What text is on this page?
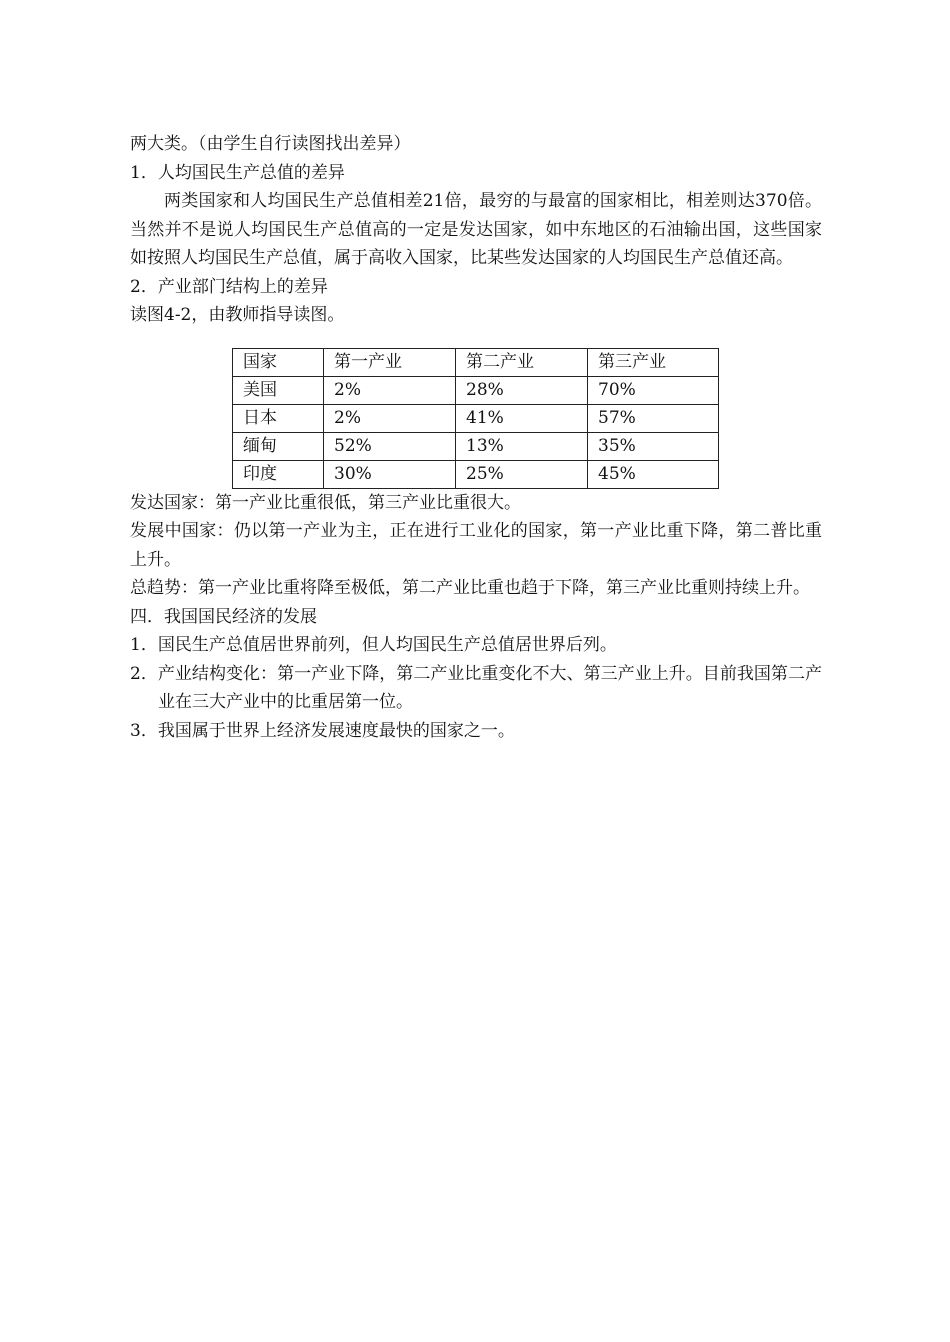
两大类。（由学生自行读图找出差异）

1．人均国民生产总值的差异

两类国家和人均国民生产总值相差21倍，最穷的与最富的国家相比，相差则达370倍。当然并不是说人均国民生产总值高的一定是发达国家，如中东地区的石油输出国，这些国家如按照人均国民生产总值，属于高收入国家，比某些发达国家的人均国民生产总值还高。

2．产业部门结构上的差异

读图4-2，由教师指导读图。

国家	第一产业	第二产业	第三产业
美国	2%	28%	70%
日本	2%	41%	57%
缅甸	52%	13%	35%
印度	30%	25%	45%

发达国家：第一产业比重很低，第三产业比重很大。

发展中国家：仍以第一产业为主，正在进行工业化的国家，第一产业比重下降，第二普比重上升。

总趋势：第一产业比重将降至极低，第二产业比重也趋于下降，第三产业比重则持续上升。

四．我国国民经济的发展

1．国民生产总值居世界前列，但人均国民生产总值居世界后列。

2．产业结构变化：第一产业下降，第二产业比重变化不大、第三产业上升。目前我国第二产业在三大产业中的比重居第一位。

3．我国属于世界上经济发展速度最快的国家之一。
